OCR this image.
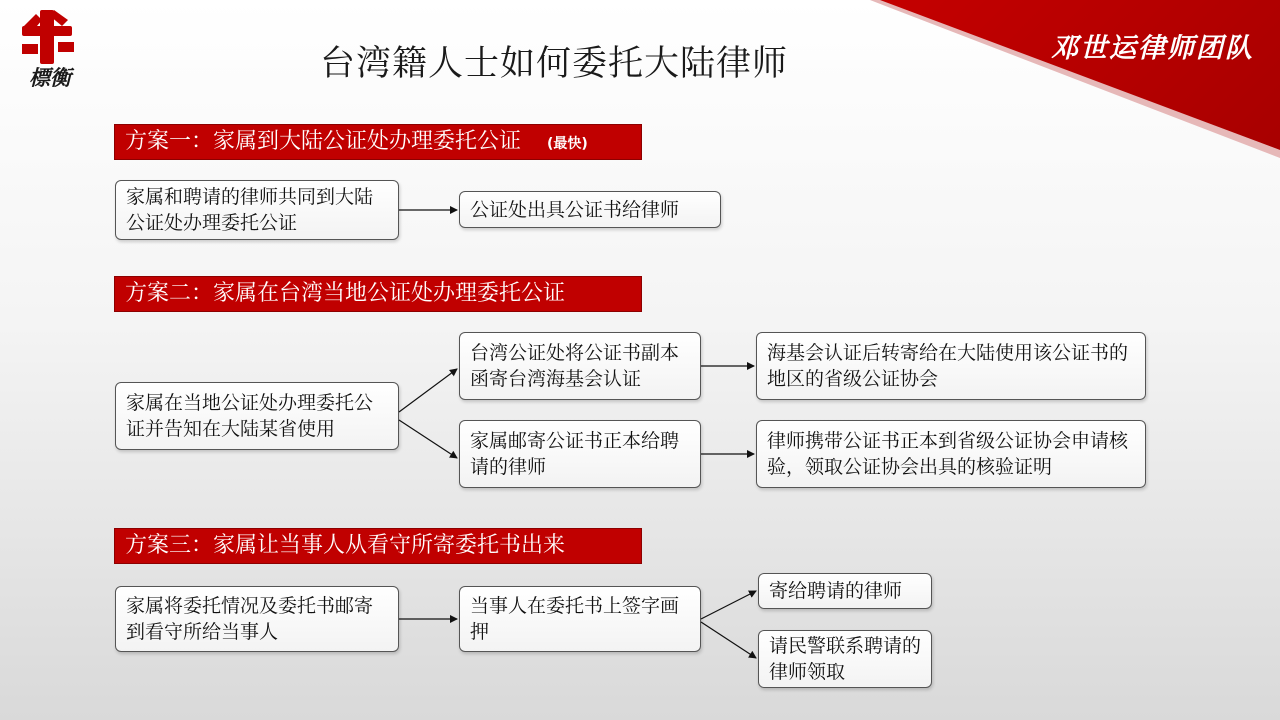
邓世运律师团队
標衡	台湾籍人士如何委托大陆律师
方案一：家属到大陆公证处办理委托公证 (最快)
家属和聘请的律师共同到大陆公证处办理委托公证
公证处出具公证书给律师
方案二：家属在台湾当地公证处办理委托公证
家属在当地公证处办理委托公证并告知在大陆某省使用
台湾公证处将公证书副本函寄台湾海基会认证
海基会认证后转寄给在大陆使用该公证书的地区的省级公证协会
家属邮寄公证书正本给聘请的律师
律师携带公证书正本到省级公证协会申请核验，领取公证协会出具的核验证明
方案三：家属让当事人从看守所寄委托书出来
家属将委托情况及委托书邮寄到看守所给当事人
当事人在委托书上签字画押
寄给聘请的律师
请民警联系聘请的律师领取
